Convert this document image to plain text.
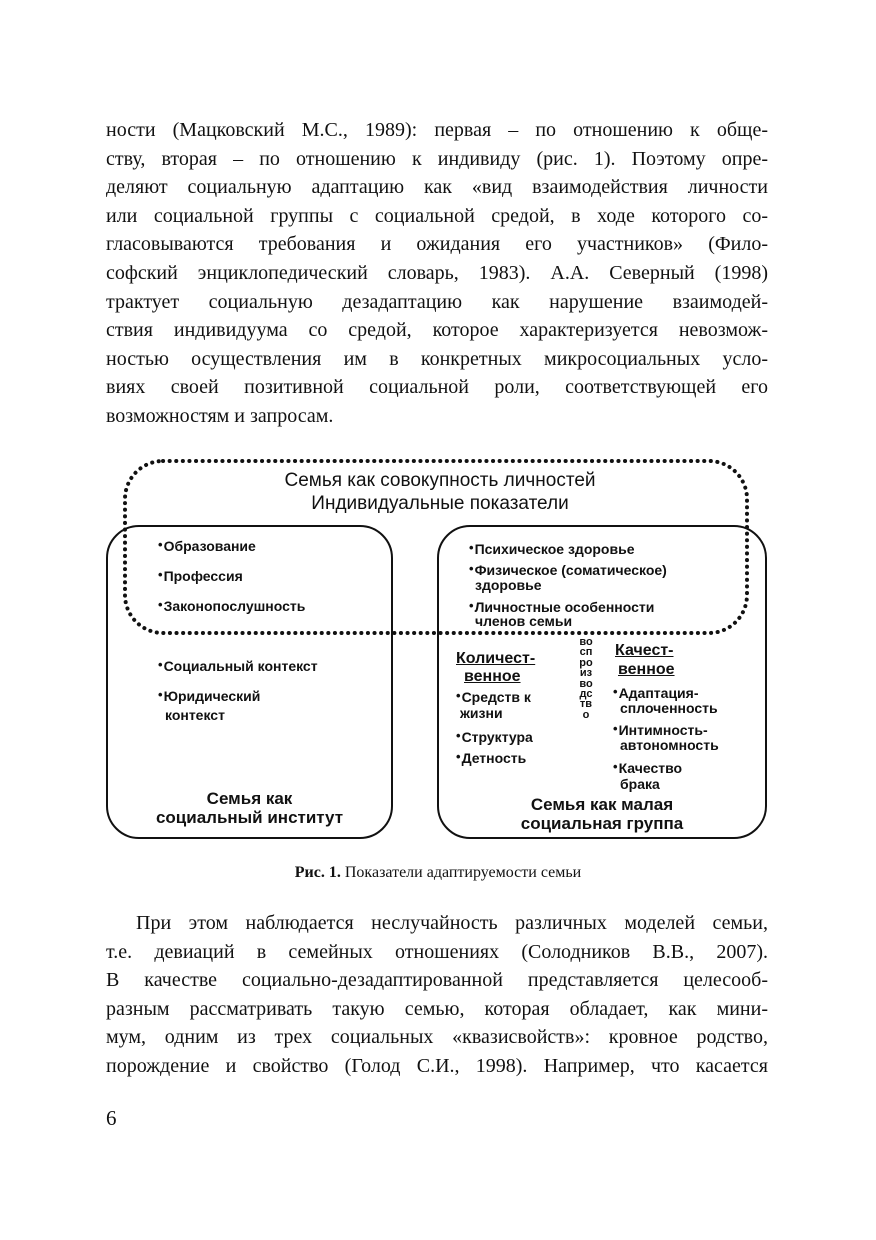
ности (Мацковский М.С., 1989): первая – по отношению к обще-
ству, вторая – по отношению к индивиду (рис. 1). Поэтому опре-
деляют социальную адаптацию как «вид взаимодействия личности
или социальной группы с социальной средой, в ходе которого со-
гласовываются требования и ожидания его участников» (Фило-
софский энциклопедический словарь, 1983). А.А. Северный (1998)
трактует социальную дезадаптацию как нарушение взаимодей-
ствия индивидуума со средой, которое характеризуется невозмож-
ностью осуществления им в конкретных микросоциальных усло-
виях своей позитивной социальной роли, соответствующей его
возможностям и запросам.
Семья как совокупность личностей
Индивидуальные показатели
•Образование
•Профессия
•Законопослушность
•Психическое здоровье
•Физическое (соматическое)
здоровье
•Личностные особенности
членов семьи
•Социальный контекст
•Юридический
контекст
Семья как
социальный институт
Количест-
венное
•Средств к
жизни
•Структура
•Детность
воспроизводство
Качест-
венное
•Адаптация-
сплоченность
•Интимность-
автономность
•Качество
брака
Семья как малая
социальная группа

Рис. 1. Показатели адаптируемости семьи

При этом наблюдается неслучайность различных моделей семьи,
т.е. девиаций в семейных отношениях (Солодников В.В., 2007).
В качестве социально-дезадаптированной представляется целесооб-
разным рассматривать такую семью, которая обладает, как мини-
мум, одним из трех социальных «квазисвойств»: кровное родство,
порождение и свойство (Голод С.И., 1998). Например, что касается

6
